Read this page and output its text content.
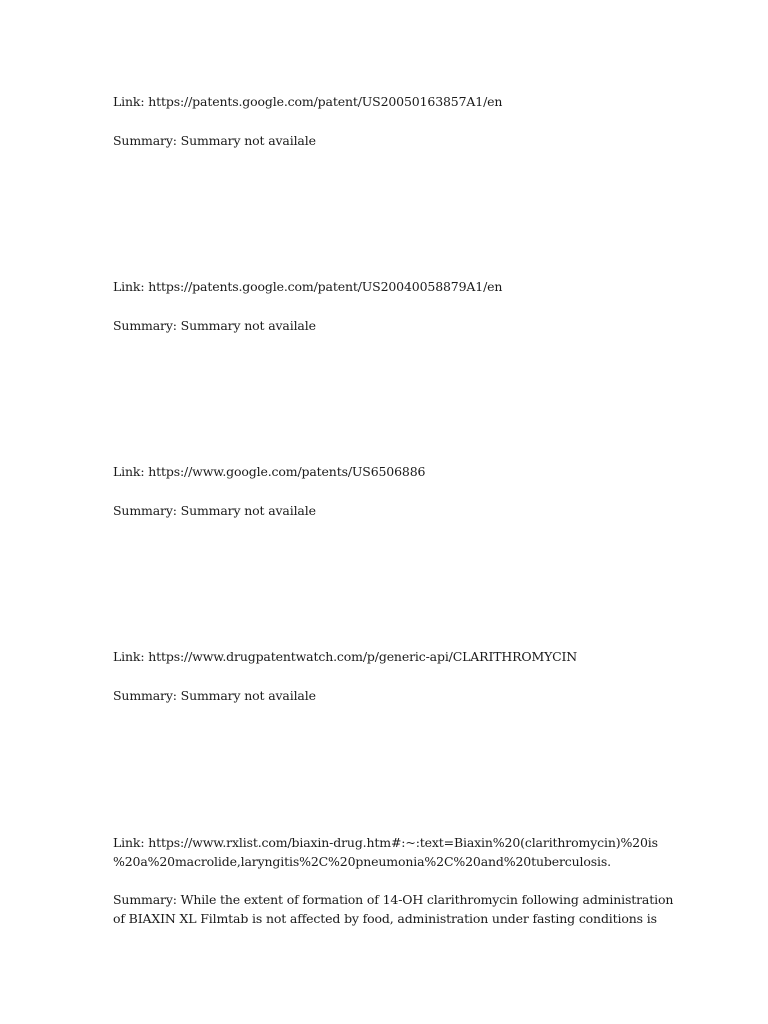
Link: https://patents.google.com/patent/US20050163857A1/en
Summary: Summary not availale
Link: https://patents.google.com/patent/US20040058879A1/en
Summary: Summary not availale
Link: https://www.google.com/patents/US6506886
Summary: Summary not availale
Link: https://www.drugpatentwatch.com/p/generic-api/CLARITHROMYCIN
Summary: Summary not availale
Link: https://www.rxlist.com/biaxin-drug.htm#:~:text=Biaxin%20(clarithromycin)%20is
%20a%20macrolide,laryngitis%2C%20pneumonia%2C%20and%20tuberculosis.
Summary: While the extent of formation of 14-OH clarithromycin following administration
of BIAXIN XL Filmtab is not affected by food, administration under fasting conditions is
